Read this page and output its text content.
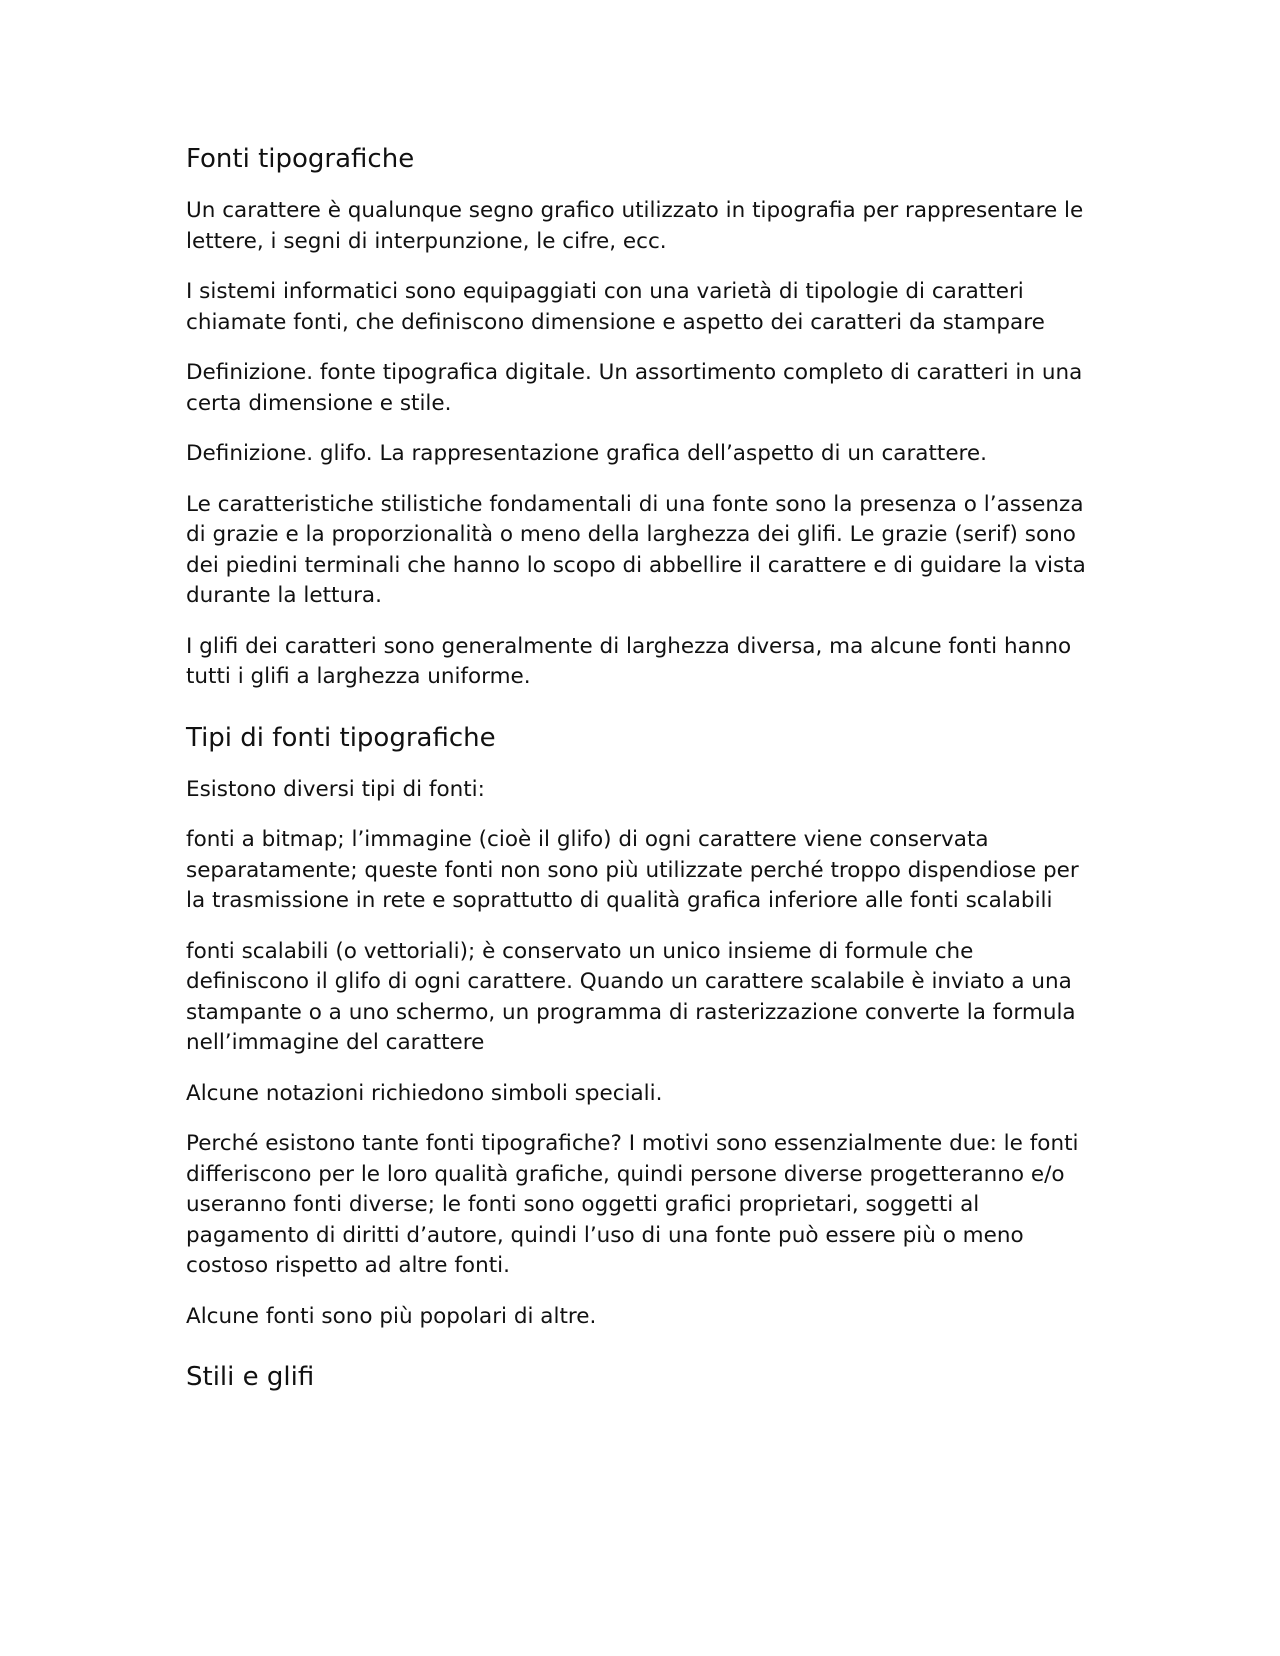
Fonti tipografiche

Un carattere è qualunque segno grafico utilizzato in tipografia per rappresentare le lettere, i segni di interpunzione, le cifre, ecc.

I sistemi informatici sono equipaggiati con una varietà di tipologie di caratteri chiamate fonti, che definiscono dimensione e aspetto dei caratteri da stampare

Definizione. fonte tipografica digitale. Un assortimento completo di caratteri in una certa dimensione e stile.

Definizione. glifo. La rappresentazione grafica dell’aspetto di un carattere.

Le caratteristiche stilistiche fondamentali di una fonte sono la presenza o l’assenza di grazie e la proporzionalità o meno della larghezza dei glifi. Le grazie (serif) sono dei piedini terminali che hanno lo scopo di abbellire il carattere e di guidare la vista durante la lettura.

I glifi dei caratteri sono generalmente di larghezza diversa, ma alcune fonti hanno tutti i glifi a larghezza uniforme.

Tipi di fonti tipografiche

Esistono diversi tipi di fonti:

fonti a bitmap; l’immagine (cioè il glifo) di ogni carattere viene conservata separatamente; queste fonti non sono più utilizzate perché troppo dispendiose per la trasmissione in rete e soprattutto di qualità grafica inferiore alle fonti scalabili

fonti scalabili (o vettoriali); è conservato un unico insieme di formule che definiscono il glifo di ogni carattere. Quando un carattere scalabile è inviato a una stampante o a uno schermo, un programma di rasterizzazione converte la formula nell’immagine del carattere

Alcune notazioni richiedono simboli speciali.

Perché esistono tante fonti tipografiche? I motivi sono essenzialmente due: le fonti differiscono per le loro qualità grafiche, quindi persone diverse progetteranno e/o useranno fonti diverse; le fonti sono oggetti grafici proprietari, soggetti al pagamento di diritti d’autore, quindi l’uso di una fonte può essere più o meno costoso rispetto ad altre fonti.

Alcune fonti sono più popolari di altre.

Stili e glifi
